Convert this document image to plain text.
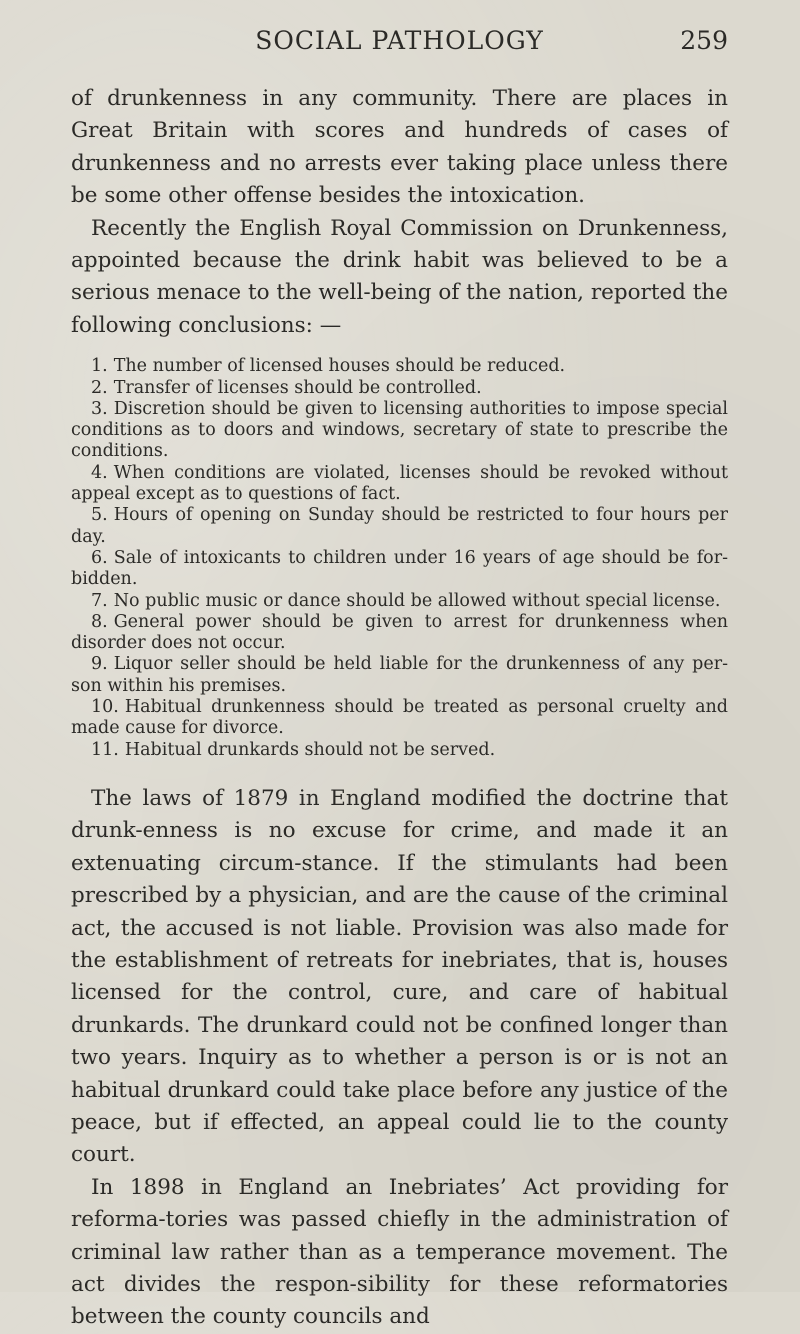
SOCIAL PATHOLOGY	259

of drunkenness in any community. There are places in Great Britain with scores and hundreds of cases of drunkenness and no arrests ever taking place unless there be some other offense besides the intoxication.

Recently the English Royal Commission on Drunkenness, appointed because the drink habit was believed to be a serious menace to the well-being of the nation, reported the following conclusions: —

1. The number of licensed houses should be reduced.
2. Transfer of licenses should be controlled.
3. Discretion should be given to licensing authorities to impose special conditions as to doors and windows, secretary of state to prescribe the conditions.
4. When conditions are violated, licenses should be revoked without appeal except as to questions of fact.
5. Hours of opening on Sunday should be restricted to four hours per day.
6. Sale of intoxicants to children under 16 years of age should be for-bidden.
7. No public music or dance should be allowed without special license.
8. General power should be given to arrest for drunkenness when disorder does not occur.
9. Liquor seller should be held liable for the drunkenness of any per-son within his premises.
10. Habitual drunkenness should be treated as personal cruelty and made cause for divorce.
11. Habitual drunkards should not be served.

The laws of 1879 in England modified the doctrine that drunk-enness is no excuse for crime, and made it an extenuating circum-stance. If the stimulants had been prescribed by a physician, and are the cause of the criminal act, the accused is not liable. Provision was also made for the establishment of retreats for inebriates, that is, houses licensed for the control, cure, and care of habitual drunkards. The drunkard could not be confined longer than two years. Inquiry as to whether a person is or is not an habitual drunkard could take place before any justice of the peace, but if effected, an appeal could lie to the county court.

In 1898 in England an Inebriates’ Act providing for reforma-tories was passed chiefly in the administration of criminal law rather than as a temperance movement. The act divides the respon-sibility for these reformatories between the county councils and
